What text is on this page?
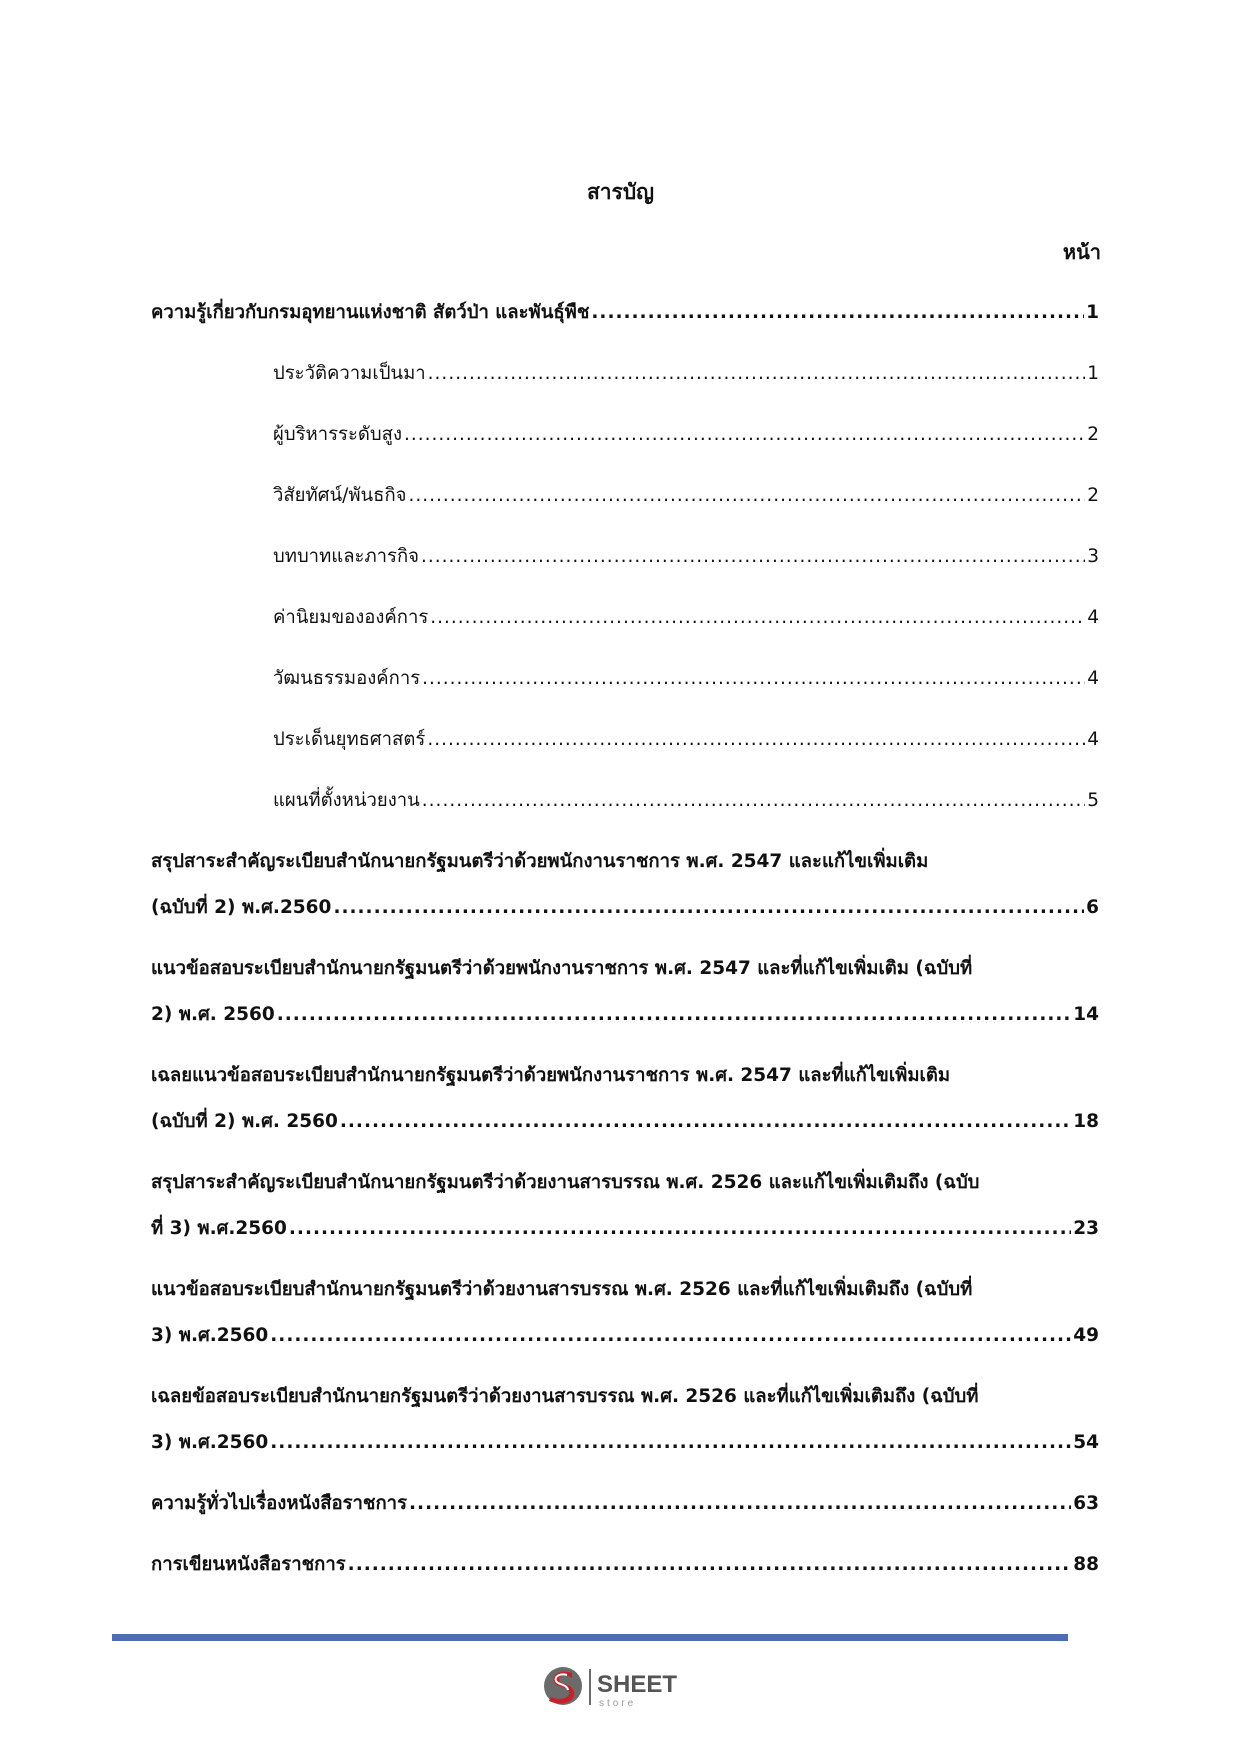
สารบัญ
หน้า
ความรู้เกี่ยวกับกรมอุทยานแห่งชาติ สัตว์ป่า และพันธุ์พืช .....	1
ประวัติความเป็นมา .....	1
ผู้บริหารระดับสูง .....	2
วิสัยทัศน์/พันธกิจ .....	2
บทบาทและภารกิจ .....	3
ค่านิยมขององค์การ .....	4
วัฒนธรรมองค์การ .....	4
ประเด็นยุทธศาสตร์ .....	4
แผนที่ตั้งหน่วยงาน .....	5
สรุปสาระสำคัญระเบียบสำนักนายกรัฐมนตรีว่าด้วยพนักงานราชการ พ.ศ. 2547 และแก้ไขเพิ่มเติม
(ฉบับที่ 2) พ.ศ.2560 .....	6
แนวข้อสอบระเบียบสำนักนายกรัฐมนตรีว่าด้วยพนักงานราชการ พ.ศ. 2547 และที่แก้ไขเพิ่มเติม (ฉบับที่
2) พ.ศ. 2560 .....	14
เฉลยแนวข้อสอบระเบียบสำนักนายกรัฐมนตรีว่าด้วยพนักงานราชการ พ.ศ. 2547 และที่แก้ไขเพิ่มเติม
(ฉบับที่ 2) พ.ศ. 2560 .....	18
สรุปสาระสำคัญระเบียบสำนักนายกรัฐมนตรีว่าด้วยงานสารบรรณ พ.ศ. 2526 และแก้ไขเพิ่มเติมถึง (ฉบับ
ที่ 3) พ.ศ.2560 .....	23
แนวข้อสอบระเบียบสำนักนายกรัฐมนตรีว่าด้วยงานสารบรรณ พ.ศ. 2526 และที่แก้ไขเพิ่มเติมถึง (ฉบับที่
3) พ.ศ.2560 .....	49
เฉลยข้อสอบระเบียบสำนักนายกรัฐมนตรีว่าด้วยงานสารบรรณ พ.ศ. 2526 และที่แก้ไขเพิ่มเติมถึง (ฉบับที่
3) พ.ศ.2560 .....	54
ความรู้ทั่วไปเรื่องหนังสือราชการ .....	63
การเขียนหนังสือราชการ .....	88
SHEET
store
